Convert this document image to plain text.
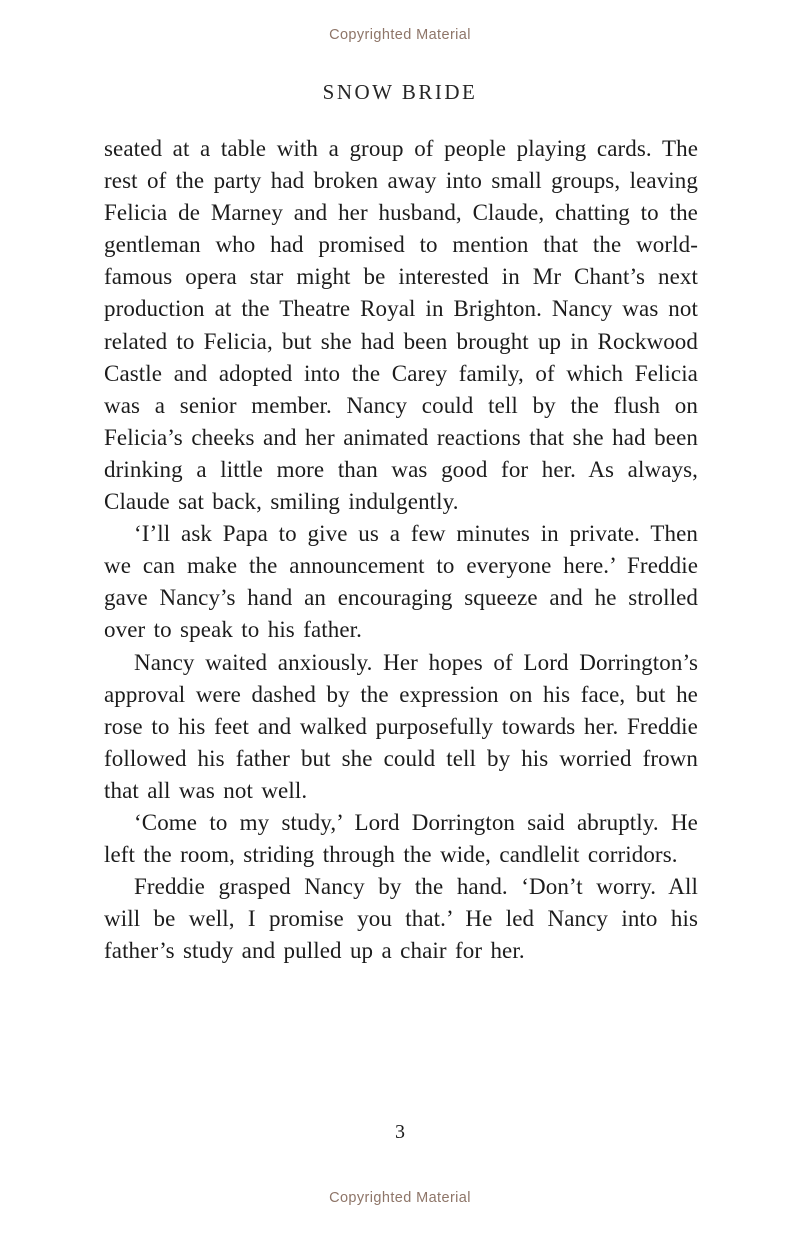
Copyrighted Material
SNOW BRIDE

seated at a table with a group of people playing cards. The rest of the party had broken away into small groups, leaving Felicia de Marney and her husband, Claude, chatting to the gentleman who had promised to mention that the world-famous opera star might be interested in Mr Chant’s next production at the Theatre Royal in Brighton. Nancy was not related to Felicia, but she had been brought up in Rockwood Castle and adopted into the Carey family, of which Felicia was a senior member. Nancy could tell by the flush on Felicia’s cheeks and her animated reactions that she had been drinking a little more than was good for her. As always, Claude sat back, smiling indulgently.

‘I’ll ask Papa to give us a few minutes in private. Then we can make the announcement to everyone here.’ Freddie gave Nancy’s hand an encouraging squeeze and he strolled over to speak to his father.

Nancy waited anxiously. Her hopes of Lord Dorrington’s approval were dashed by the expression on his face, but he rose to his feet and walked purposefully towards her. Freddie followed his father but she could tell by his worried frown that all was not well.

‘Come to my study,’ Lord Dorrington said abruptly. He left the room, striding through the wide, candlelit corridors.

Freddie grasped Nancy by the hand. ‘Don’t worry. All will be well, I promise you that.’ He led Nancy into his father’s study and pulled up a chair for her.

3
Copyrighted Material
